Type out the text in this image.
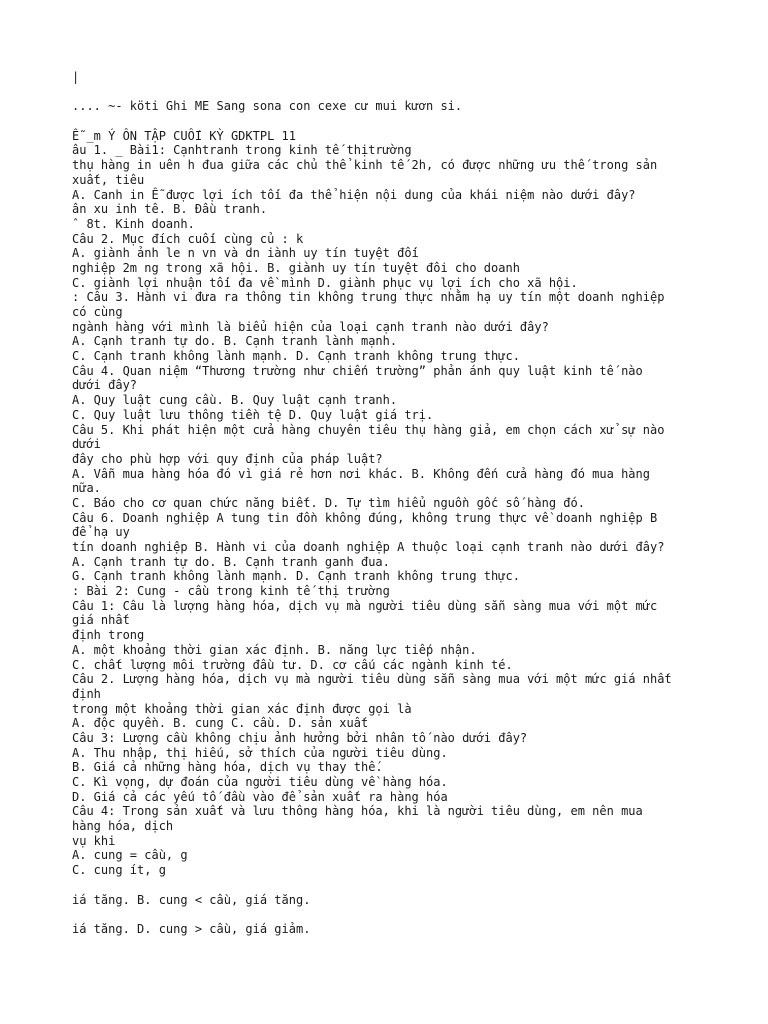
|
.... ~- köti Ghi ME Sang sona con cexe cư mui kươn si.
Ễ _m Ý ÔN TẬP CUỐI KỲ GDKTPL 11
âu 1. _ Bài1: Cạnhtranh trong kinh tế thịtrường
thụ hàng in uên h đua giữa các chủ thể kinh tế 2h, có được những ưu thế trong sản
xuất, tiêu
A. Canh in Ễ được lợi ích tối đa thể hiện nội dung của khái niệm nào dưới đây?
ân xu inh tê. B. Đầu tranh.
ˆ 8t. Kinh doanh.
Câu 2. Mục đích cuối cùng củ : k
A. giành ảnh le n vn và dn iành uy tín tuyệt đối
nghiệp 2m ng trong xã hội. B. giành uy tín tuyệt đôi cho doanh
C. giành lợi nhuận tối đa về mình D. giành phục vụ lợi ích cho xã hội.
: Câu 3. Hành vi đưa ra thông tin không trung thực nhằm hạ uy tín một doanh nghiệp
có cùng
ngành hàng với mình là biểu hiện của loại cạnh tranh nào dưới đây?
A. Cạnh tranh tự do. B. Cạnh tranh lành mạnh.
C. Cạnh tranh không lành mạnh. D. Cạnh tranh không trung thực.
Câu 4. Quan niệm “Thương trường như chiến trường” phản ánh quy luật kinh tế nào
dưới đây?
A. Quy luật cung cầu. B. Quy luật cạnh tranh.
C. Quy luật lưu thông tiền tệ D. Quy luật giá trị.
Câu 5. Khi phát hiện một cửa hàng chuyên tiêu thụ hàng giả, em chọn cách xử sự nào
dưới
đây cho phù hợp với quy định của pháp luật?
A. Vẫn mua hàng hóa đó vì giá rẻ hơn nơi khác. B. Không đến cửa hàng đó mua hàng
nữa.
C. Báo cho cơ quan chức năng biết. D. Tự tìm hiểu nguồn gốc số hàng đó.
Câu 6. Doanh nghiệp A tung tin đồn không đúng, không trung thực về doanh nghiệp B
để hạ uy
tín doanh nghiệp B. Hành vi của doanh nghiệp A thuộc loại cạnh tranh nào dưới đây?
A. Cạnh tranh tự do. B. Cạnh tranh ganh đua.
G. Cạnh tranh không lành mạnh. D. Cạnh tranh không trung thực.
: Bài 2: Cung - cầu trong kinh tế thị trường
Câu 1: Câu là lượng hàng hóa, dịch vụ mà người tiêu dùng sẵn sàng mua với một mức
giá nhất
định trong
A. một khoảng thời gian xác định. B. năng lực tiếp nhận.
C. chất lượng môi trường đầu tư. D. cơ cấu các ngành kinh té.
Câu 2. Lượng hàng hóa, dịch vụ mà người tiêu dùng sẵn sàng mua với một mức giá nhất
định
trong một khoảng thời gian xác định được gọi là
A. độc quyền. B. cung C. cầu. D. sản xuất
Câu 3: Lượng cầu không chịu ảnh hưởng bởi nhân tố nào dưới đây?
A. Thu nhập, thị hiếu, sở thích của người tiêu dùng.
B. Giá cả những hàng hóa, dịch vụ thay thế.
C. Kì vọng, dự đoán của người tiêu dùng về hàng hóa.
D. Giá cả các yếu tố đầu vào để sản xuất ra hàng hóa
Câu 4: Trong sản xuất và lưu thông hàng hóa, khi là người tiêu dùng, em nên mua
hàng hóa, dịch
vụ khi
A. cung = cầu, g
C. cung ít, g
iá tăng. B. cung < cầu, giá tăng.
iá tăng. D. cung > cầu, giá giảm.
